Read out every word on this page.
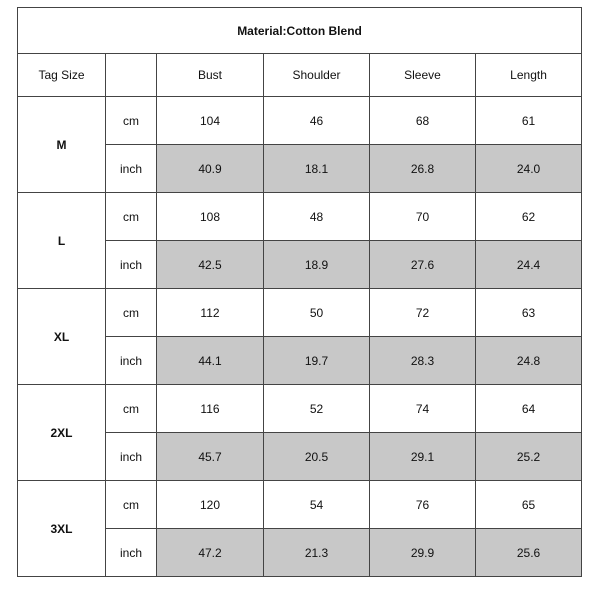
Material:Cotton Blend					
Tag Size		Bust	Shoulder	Sleeve	Length
M	cm	104	46	68	61
	inch	40.9	18.1	26.8	24.0
L	cm	108	48	70	62
	inch	42.5	18.9	27.6	24.4
XL	cm	112	50	72	63
	inch	44.1	19.7	28.3	24.8
2XL	cm	116	52	74	64
	inch	45.7	20.5	29.1	25.2
3XL	cm	120	54	76	65
	inch	47.2	21.3	29.9	25.6
